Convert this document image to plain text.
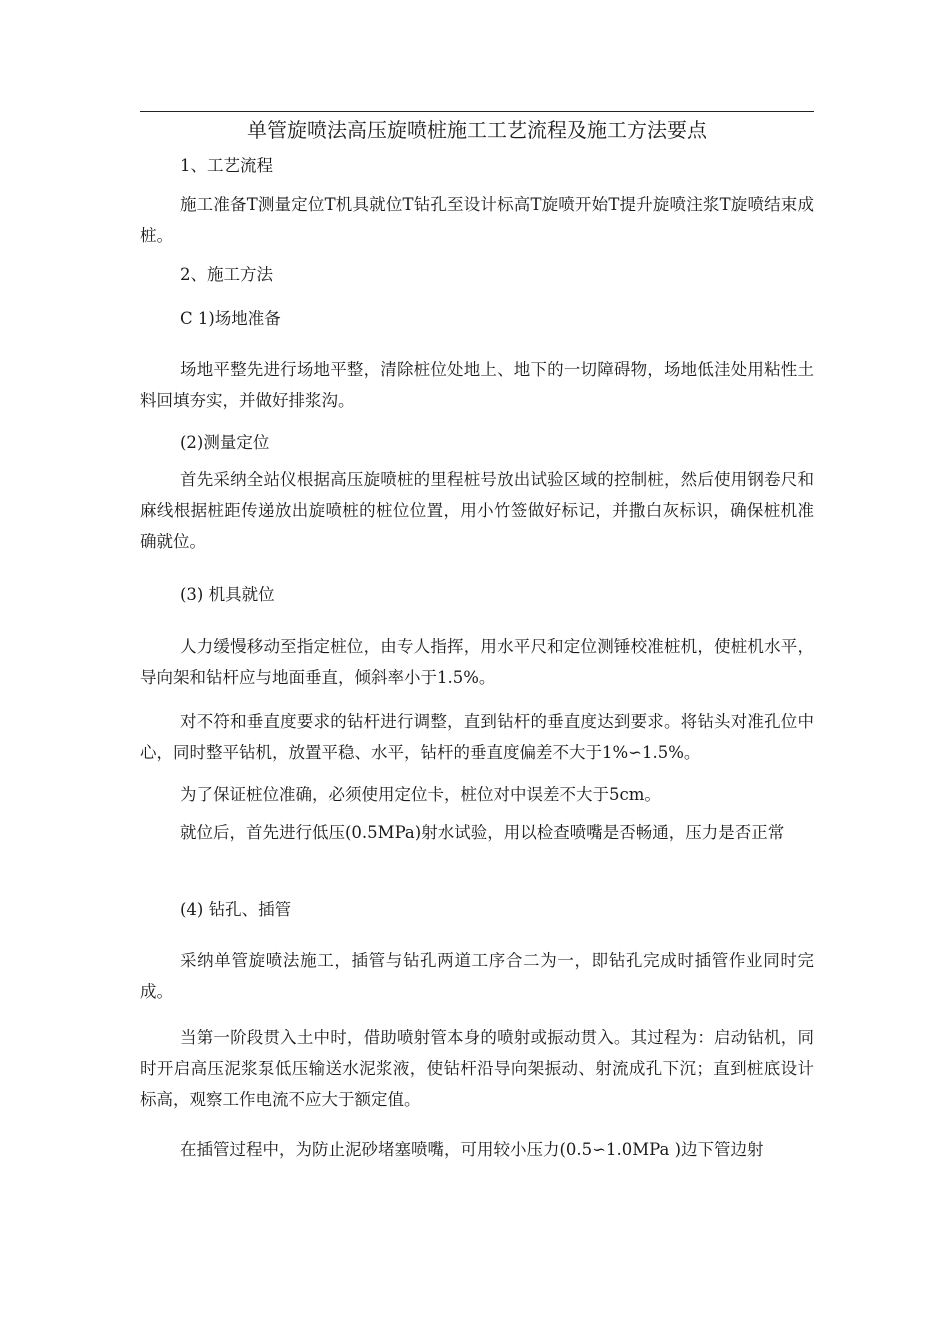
单管旋喷法高压旋喷桩施工工艺流程及施工方法要点

1、工艺流程

施工准备T测量定位T机具就位T钻孔至设计标高T旋喷开始T提升旋喷注浆T旋喷结束成桩。

2、施工方法

C 1)场地准备

场地平整先进行场地平整，清除桩位处地上、地下的一切障碍物，场地低洼处用粘性土料回填夯实，并做好排浆沟。

(2)测量定位

首先采纳全站仪根据高压旋喷桩的里程桩号放出试验区域的控制桩，然后使用钢卷尺和麻线根据桩距传递放出旋喷桩的桩位位置，用小竹签做好标记，并撒白灰标识，确保桩机准确就位。

(3) 机具就位

人力缓慢移动至指定桩位，由专人指挥，用水平尺和定位测锤校准桩机，使桩机水平，导向架和钻杆应与地面垂直，倾斜率小于1.5%。

对不符和垂直度要求的钻杆进行调整，直到钻杆的垂直度达到要求。将钻头对准孔位中心，同时整平钻机，放置平稳、水平，钻杆的垂直度偏差不大于1%∽1.5%。

为了保证桩位准确，必须使用定位卡，桩位对中误差不大于5cm。

就位后，首先进行低压(0.5MPa)射水试验，用以检查喷嘴是否畅通，压力是否正常

(4) 钻孔、插管

采纳单管旋喷法施工，插管与钻孔两道工序合二为一，即钻孔完成时插管作业同时完成。

当第一阶段贯入土中时，借助喷射管本身的喷射或振动贯入。其过程为：启动钻机，同时开启高压泥浆泵低压输送水泥浆液，使钻杆沿导向架振动、射流成孔下沉；直到桩底设计标高，观察工作电流不应大于额定值。

在插管过程中，为防止泥砂堵塞喷嘴，可用较小压力(0.5∽1.0MPa )边下管边射
